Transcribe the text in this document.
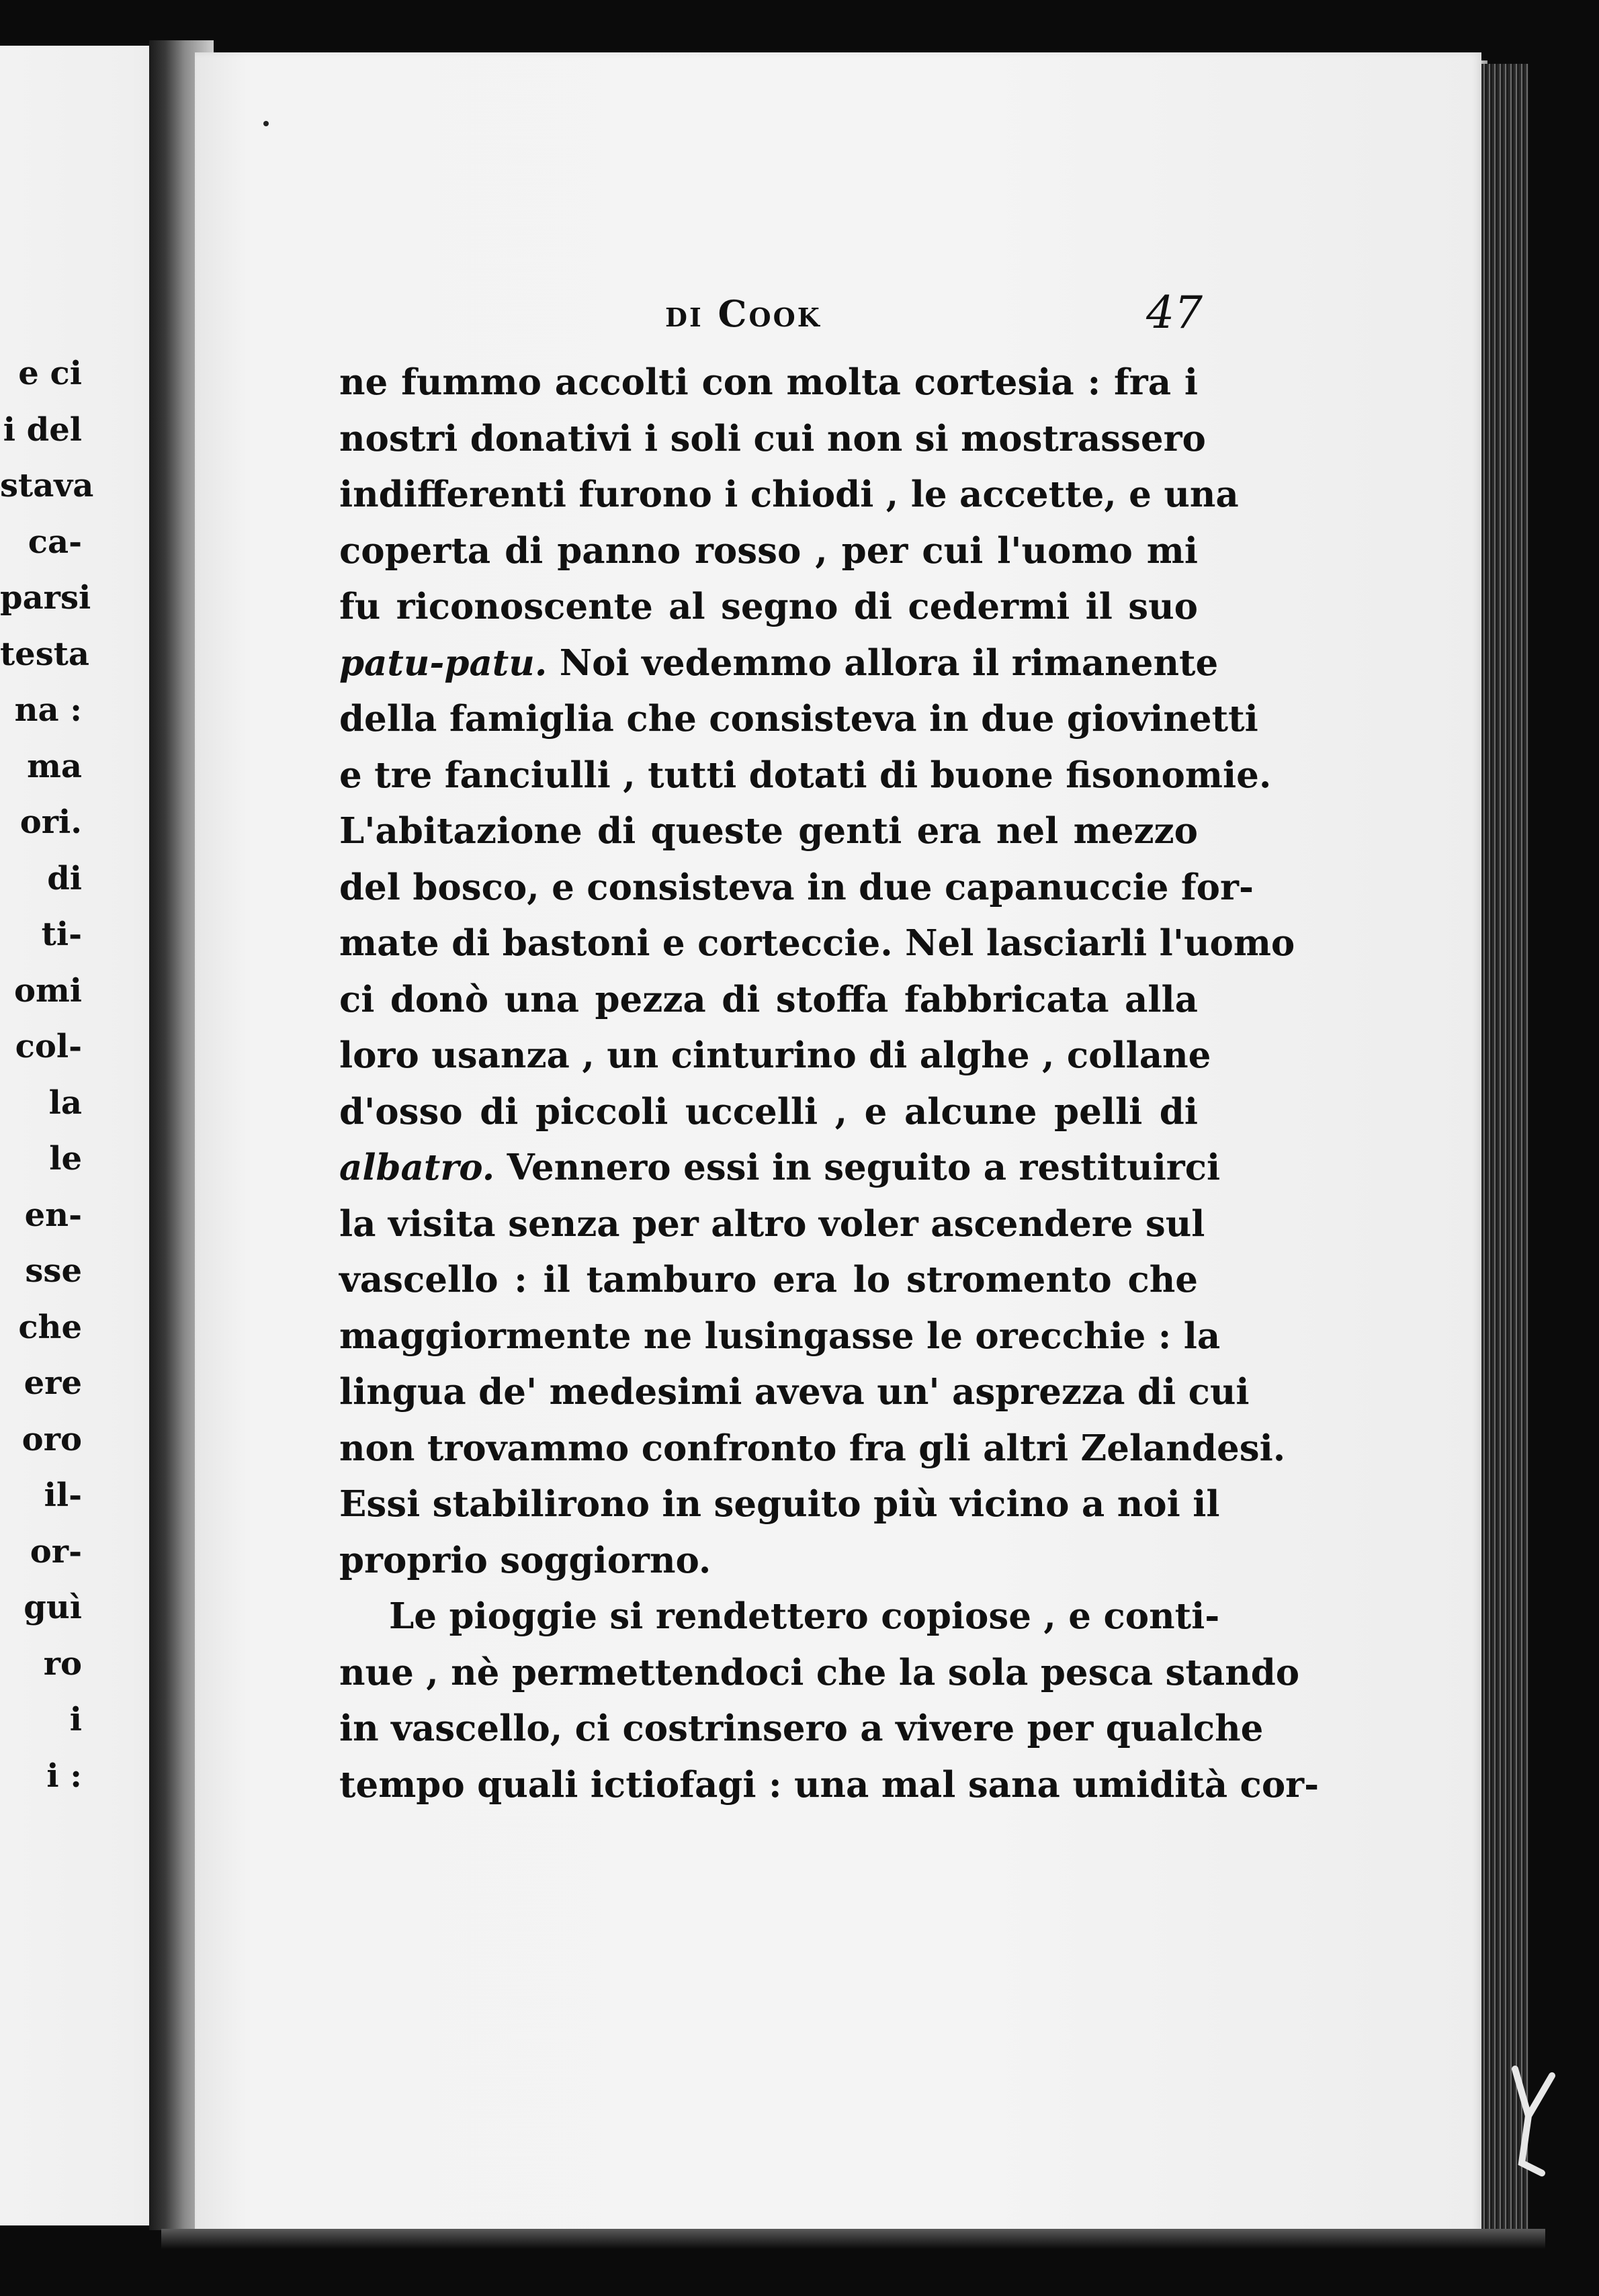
e ci
i del
stava
ca-
parsi
testa
na :
ma
ori.
di
ti-
omi
col-
la
le
en-
sse
che
ere
oro
il-
or-
guì
ro
i
i :
di Cook	47
ne fummo accolti con molta cortesia : fra i
nostri donativi i soli cui non si mostrassero
indifferenti furono i chiodi , le accette, e una
coperta di panno rosso , per cui l'uomo mi
fu riconoscente al segno di cedermi il suo
patu-patu. Noi vedemmo allora il rimanente
della famiglia che consisteva in due giovinetti
e tre fanciulli , tutti dotati di buone fisonomie.
L'abitazione di queste genti era nel mezzo
del bosco, e consisteva in due capanuccie for-
mate di bastoni e corteccie. Nel lasciarli l'uomo
ci donò una pezza di stoffa fabbricata alla
loro usanza , un cinturino di alghe , collane
d'osso di piccoli uccelli , e alcune pelli di
albatro. Vennero essi in seguito a restituirci
la visita senza per altro voler ascendere sul
vascello : il tamburo era lo stromento che
maggiormente ne lusingasse le orecchie : la
lingua de' medesimi aveva un' asprezza di cui
non trovammo confronto fra gli altri Zelandesi.
Essi stabilirono in seguito più vicino a noi il
proprio soggiorno.
Le pioggie si rendettero copiose , e conti-
nue , nè permettendoci che la sola pesca stando
in vascello, ci costrinsero a vivere per qualche
tempo quali ictiofagi : una mal sana umidità cor-
